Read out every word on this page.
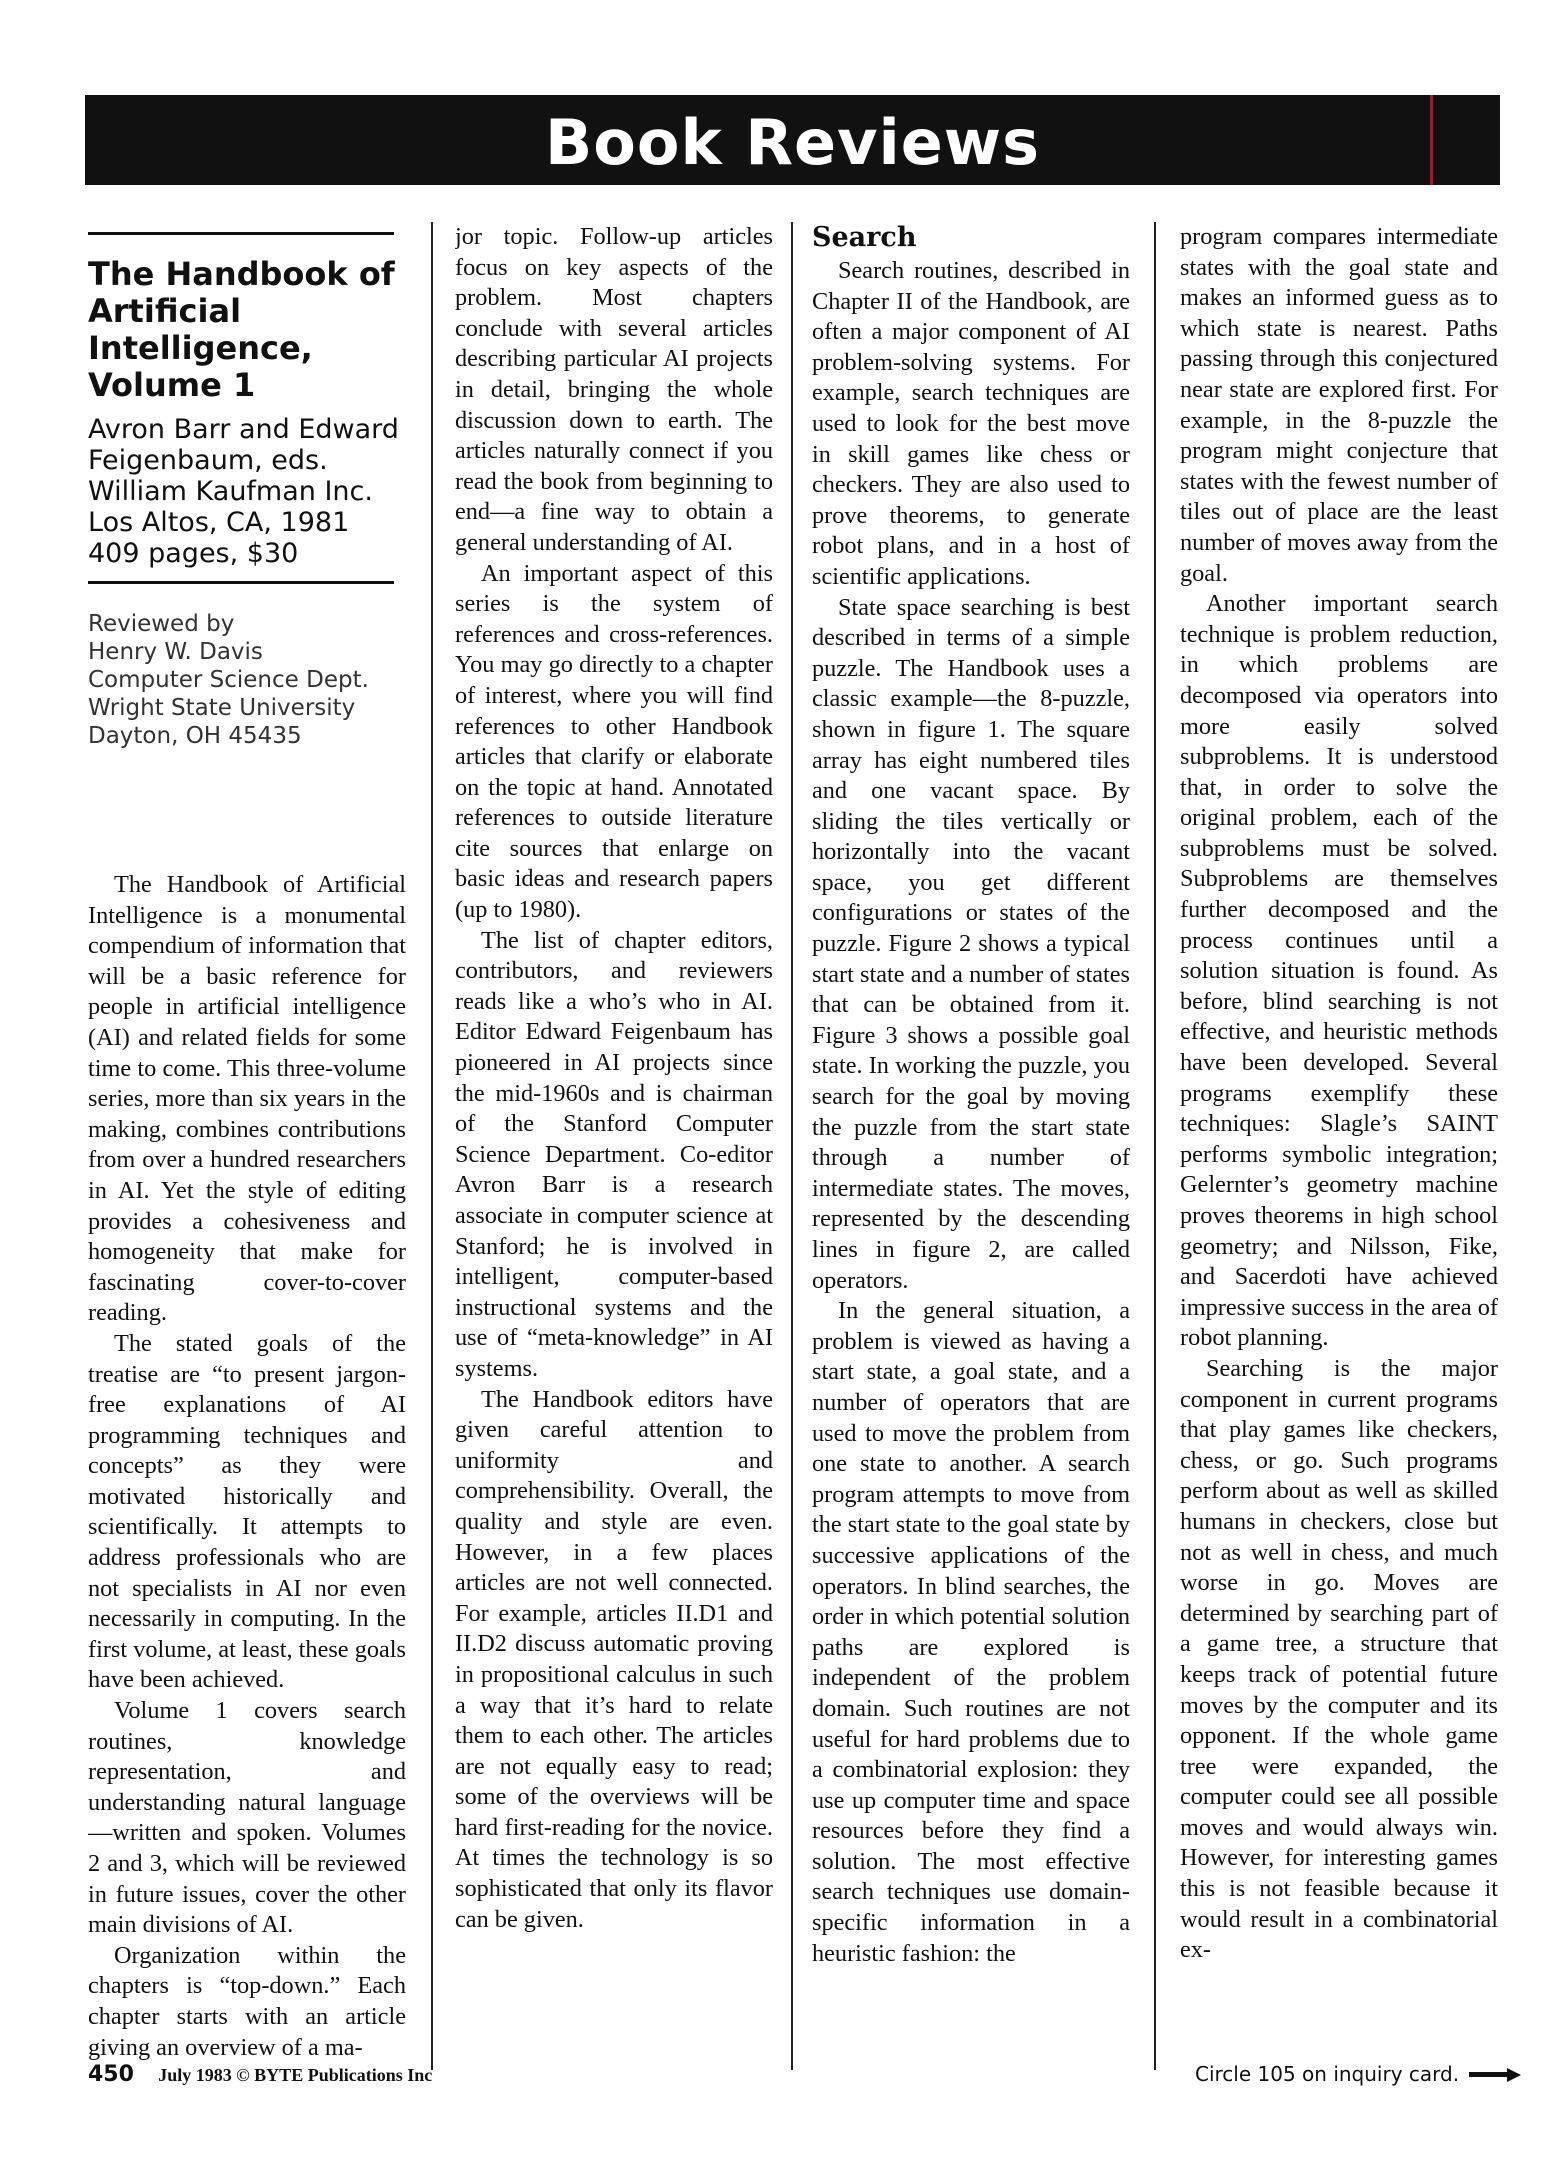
Book Reviews
The Handbook of Artificial Intelligence, Volume 1
Avron Barr and Edward
Feigenbaum, eds.
William Kaufman Inc.
Los Altos, CA, 1981
409 pages, $30
Reviewed by
Henry W. Davis
Computer Science Dept.
Wright State University
Dayton, OH 45435

The Handbook of Artificial Intelligence is a monumental compendium of information that will be a basic reference for people in artificial intelligence (AI) and related fields for some time to come. This three-volume series, more than six years in the making, combines contributions from over a hundred researchers in AI. Yet the style of editing provides a cohesiveness and homogeneity that make for fascinating cover-to-cover reading.

The stated goals of the treatise are “to present jargon-free explanations of AI programming techniques and concepts” as they were motivated historically and scientifically. It attempts to address professionals who are not specialists in AI nor even necessarily in computing. In the first volume, at least, these goals have been achieved.

Volume 1 covers search routines, knowledge representation, and understanding natural language—written and spoken. Volumes 2 and 3, which will be reviewed in future issues, cover the other main divisions of AI.

Organization within the chapters is “top-down.” Each chapter starts with an article giving an overview of a ma-

jor topic. Follow-up articles focus on key aspects of the problem. Most chapters conclude with several articles describing particular AI projects in detail, bringing the whole discussion down to earth. The articles naturally connect if you read the book from beginning to end—a fine way to obtain a general understanding of AI.

An important aspect of this series is the system of references and cross-references. You may go directly to a chapter of interest, where you will find references to other Handbook articles that clarify or elaborate on the topic at hand. Annotated references to outside literature cite sources that enlarge on basic ideas and research papers (up to 1980).

The list of chapter editors, contributors, and reviewers reads like a who’s who in AI. Editor Edward Feigenbaum has pioneered in AI projects since the mid-1960s and is chairman of the Stanford Computer Science Department. Co-editor Avron Barr is a research associate in computer science at Stanford; he is involved in intelligent, computer-based instructional systems and the use of “meta-knowledge” in AI systems.

The Handbook editors have given careful attention to uniformity and comprehensibility. Overall, the quality and style are even. However, in a few places articles are not well connected. For example, articles II.D1 and II.D2 discuss automatic proving in propositional calculus in such a way that it’s hard to relate them to each other. The articles are not equally easy to read; some of the overviews will be hard first-reading for the novice. At times the technology is so sophisticated that only its flavor can be given.

Search

Search routines, described in Chapter II of the Handbook, are often a major component of AI problem-solving systems. For example, search techniques are used to look for the best move in skill games like chess or checkers. They are also used to prove theorems, to generate robot plans, and in a host of scientific applications.

State space searching is best described in terms of a simple puzzle. The Handbook uses a classic example—the 8-puzzle, shown in figure 1. The square array has eight numbered tiles and one vacant space. By sliding the tiles vertically or horizontally into the vacant space, you get different configurations or states of the puzzle. Figure 2 shows a typical start state and a number of states that can be obtained from it. Figure 3 shows a possible goal state. In working the puzzle, you search for the goal by moving the puzzle from the start state through a number of intermediate states. The moves, represented by the descending lines in figure 2, are called operators.

In the general situation, a problem is viewed as having a start state, a goal state, and a number of operators that are used to move the problem from one state to another. A search program attempts to move from the start state to the goal state by successive applications of the operators. In blind searches, the order in which potential solution paths are explored is independent of the problem domain. Such routines are not useful for hard problems due to a combinatorial explosion: they use up computer time and space resources before they find a solution. The most effective search techniques use domain-specific information in a heuristic fashion: the

program compares intermediate states with the goal state and makes an informed guess as to which state is nearest. Paths passing through this conjectured near state are explored first. For example, in the 8-puzzle the program might conjecture that states with the fewest number of tiles out of place are the least number of moves away from the goal.

Another important search technique is problem reduction, in which problems are decomposed via operators into more easily solved subproblems. It is understood that, in order to solve the original problem, each of the subproblems must be solved. Subproblems are themselves further decomposed and the process continues until a solution situation is found. As before, blind searching is not effective, and heuristic methods have been developed. Several programs exemplify these techniques: Slagle’s SAINT performs symbolic integration; Gelernter’s geometry machine proves theorems in high school geometry; and Nilsson, Fike, and Sacerdoti have achieved impressive success in the area of robot planning.

Searching is the major component in current programs that play games like checkers, chess, or go. Such programs perform about as well as skilled humans in checkers, close but not as well in chess, and much worse in go. Moves are determined by searching part of a game tree, a structure that keeps track of potential future moves by the computer and its opponent. If the whole game tree were expanded, the computer could see all possible moves and would always win. However, for interesting games this is not feasible because it would result in a combinatorial ex-

450 July 1983 © BYTE Publications Inc	Circle 105 on inquiry card.
